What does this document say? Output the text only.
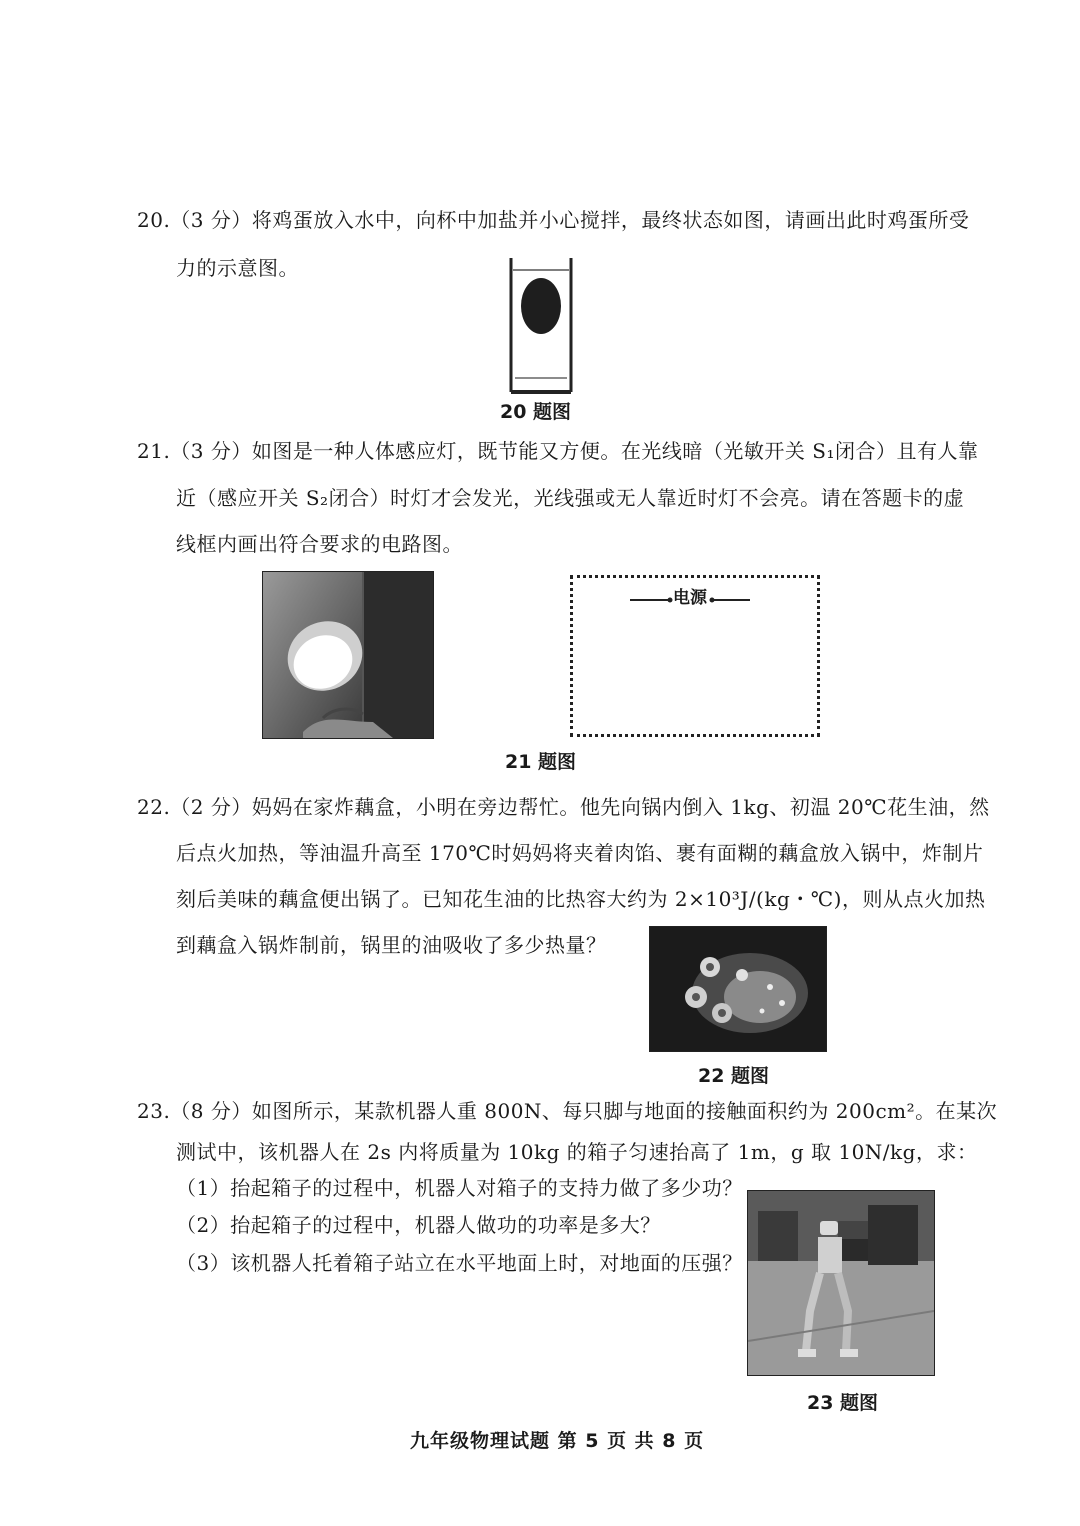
20.（3 分）将鸡蛋放入水中，向杯中加盐并小心搅拌，最终状态如图，请画出此时鸡蛋所受
力的示意图。
20 题图
21.（3 分）如图是一种人体感应灯，既节能又方便。在光线暗（光敏开关 S₁闭合）且有人靠
近（感应开关 S₂闭合）时灯才会发光，光线强或无人靠近时灯不会亮。请在答题卡的虚
线框内画出符合要求的电路图。
电源
21 题图
22.（2 分）妈妈在家炸藕盒，小明在旁边帮忙。他先向锅内倒入 1kg、初温 20℃花生油，然
后点火加热，等油温升高至 170℃时妈妈将夹着肉馅、裹有面糊的藕盒放入锅中，炸制片
刻后美味的藕盒便出锅了。已知花生油的比热容大约为 2×10³J/(kg・℃)，则从点火加热
到藕盒入锅炸制前，锅里的油吸收了多少热量？
22 题图
23.（8 分）如图所示，某款机器人重 800N、每只脚与地面的接触面积约为 200cm²。在某次
测试中，该机器人在 2s 内将质量为 10kg 的箱子匀速抬高了 1m，g 取 10N/kg，求：
（1）抬起箱子的过程中，机器人对箱子的支持力做了多少功？
（2）抬起箱子的过程中，机器人做功的功率是多大？
（3）该机器人托着箱子站立在水平地面上时，对地面的压强？
23 题图
九年级物理试题 第 5 页 共 8 页
